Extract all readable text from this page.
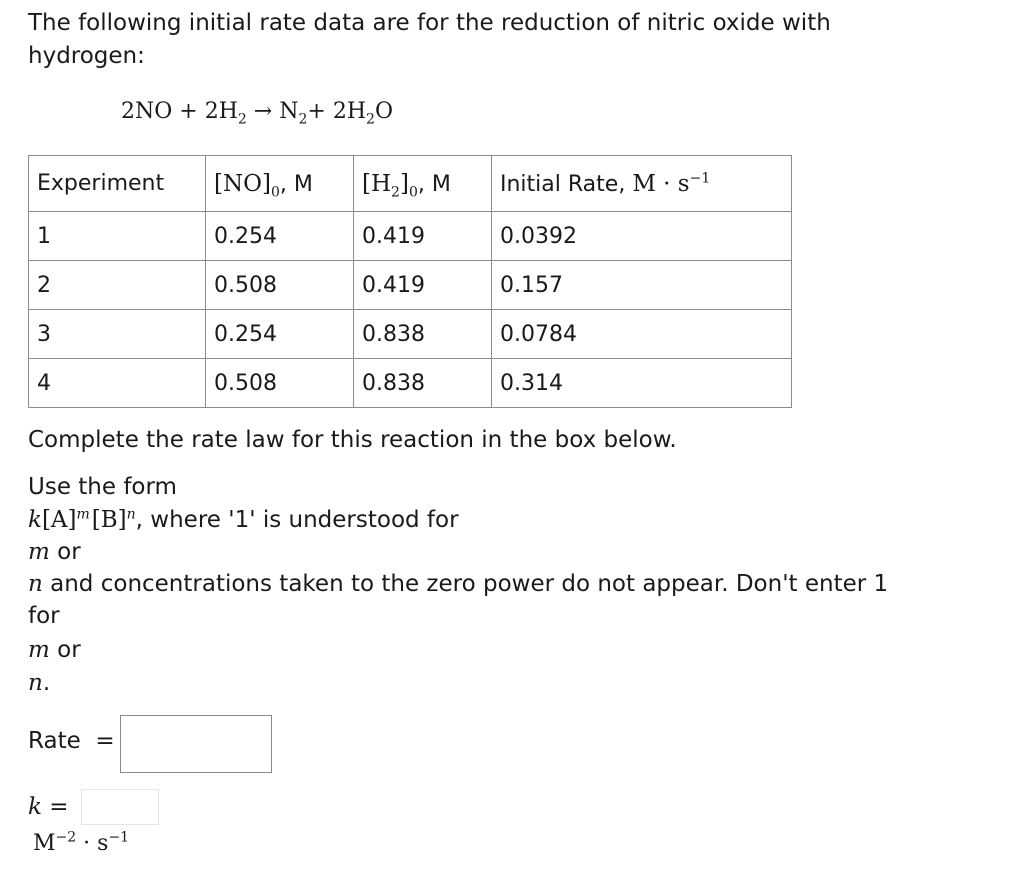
The following initial rate data are for the reduction of nitric oxide with
hydrogen:
$2NO + 2H_2 \to N_2+ 2H_2O$
Experiment	$[NO]_0$, M	$[H_2]_0$, M	Initial Rate, $M \cdot s^{-1}$
1	0.254	0.419	0.0392
2	0.508	0.419	0.157
3	0.254	0.838	0.0784
4	0.508	0.838	0.314
Complete the rate law for this reaction in the box below.
Use the form
$k[A]^m[B]^n$, where '1' is understood for
m or
n and concentrations taken to the zero power do not appear. Don't enter 1
for
m or
n.
Rate  =
k =
$M^{-2} \cdot s^{-1}$
